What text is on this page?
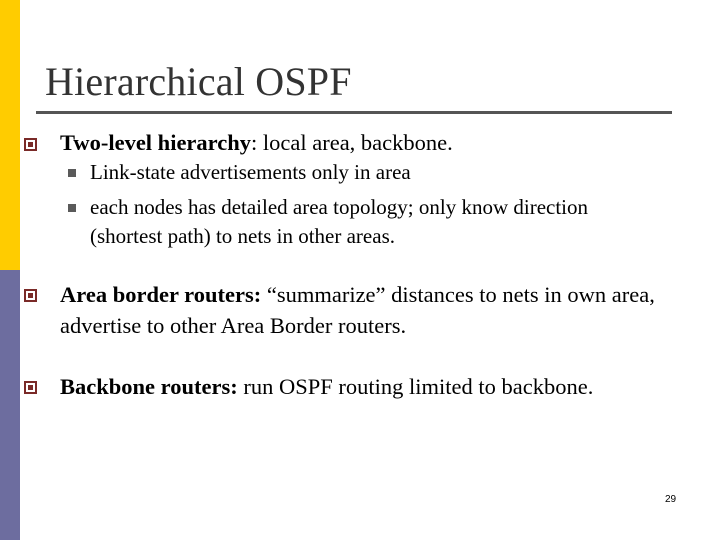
Hierarchical OSPF
Two-level hierarchy: local area, backbone.
Link-state advertisements only in area
each nodes has detailed area topology; only know direction (shortest path) to nets in other areas.
Area border routers: “summarize” distances to nets in own area, advertise to other Area Border routers.
Backbone routers: run OSPF routing limited to backbone.
29
